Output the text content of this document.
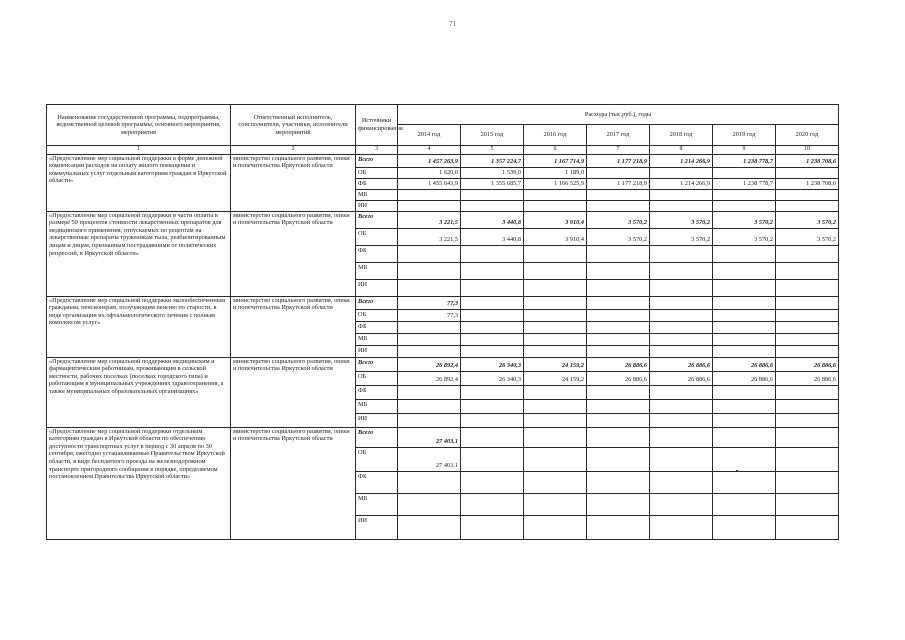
71
Наименование государственной программы, подпрограммы, ведомственной целевой программы, основного мероприятия, мероприятия	Ответственный исполнитель, соисполнители, участники, исполнители мероприятий	Источники финансирования	Расходы (тыс.руб.), годы						
			2014 год	2015 год	2016 год	2017 год	2018 год	2019 год	2020 год
1	2	3	4	5	6	7	8	9	10
«Предоставление мер социальной поддержки в форме денежной компенсации расходов на оплату жилого помещения и коммунальных услуг отдельным категориям граждан в Иркутской области»	министерство социального развития, опеки и попечительства Иркутской области	Всего	1 457 263,9	1 357 224,7	1 167 714,9	1 177 218,9	1 214 266,9	1 238 778,7	1 238 708,6
		ОБ	1 620,0	1 539,0	1 189,0				
		ФБ	1 455 643,9	1 355 685,7	1 166 525,9	1 177 218,9	1 214 266,9	1 238 778,7	1 238 708,6
		МБ							
		ИИ							
«Предоставление мер социальной поддержки в части оплаты в размере 50 процентов стоимости лекарственных препаратов для медицинского применения, отпускаемых по рецептам на лекарственные препараты труженикам тыла, реабилитированным лицам и лицам, признанным пострадавшими от политических репрессий, в Иркутской области»	министерство социального развития, опеки и попечительства Иркутской области	Всего	3 221,5	3 440,8	3 910,4	3 570,2	3 570,2	3 570,2	3 570,2
		ОБ	3 221,5	3 440,8	3 910,4	3 570,2	3 570,2	3 570,2	3 570,2
		ФБ							
		МБ							
		ИИ							
«Предоставление мер социальной поддержки малообеспеченным гражданам, пенсионерам, получающим пенсию по старости, в виде организации их офтальмологического лечения с полным комплексом услуг»	министерство социального развития, опеки и попечительства Иркутской области	Всего	77,3						
		ОБ	77,3						
		ФБ							
		МБ							
		ИИ							
«Предоставление мер социальной поддержки медицинским и фармацевтическим работникам, проживающим в сельской местности, рабочих поселках (поселках городского типа) и работающим в муниципальных учреждениях здравоохранения, а также муниципальных образовательных организациях»	министерство социального развития, опеки и попечительства Иркутской области	Всего	26 892,4	26 340,3	24 159,2	26 886,6	26 886,6	26 886,6	26 886,6
		ОБ	26 892,4	26 340,3	24 159,2	26 886,6	26 886,6	26 886,6	26 886,6
		ФБ							
		МБ							
		ИИ							
«Предоставление мер социальной поддержки отдельным категориям граждан в Иркутской области по обеспечению доступности транспортных услуг в период с 30 апреля по 30 сентября, ежегодно устанавливаемые Правительством Иркутской области, в виде бесплатного проезда на железнодорожном транспорте пригородного сообщения в порядке, определяемом постановлением Правительства Иркутской области»	министерство социального развития, опеки и попечительства Иркутской области	Всего	27 403,1						
		ОБ	27 403,1						
		ФБ							
		МБ							
		ИИ							
